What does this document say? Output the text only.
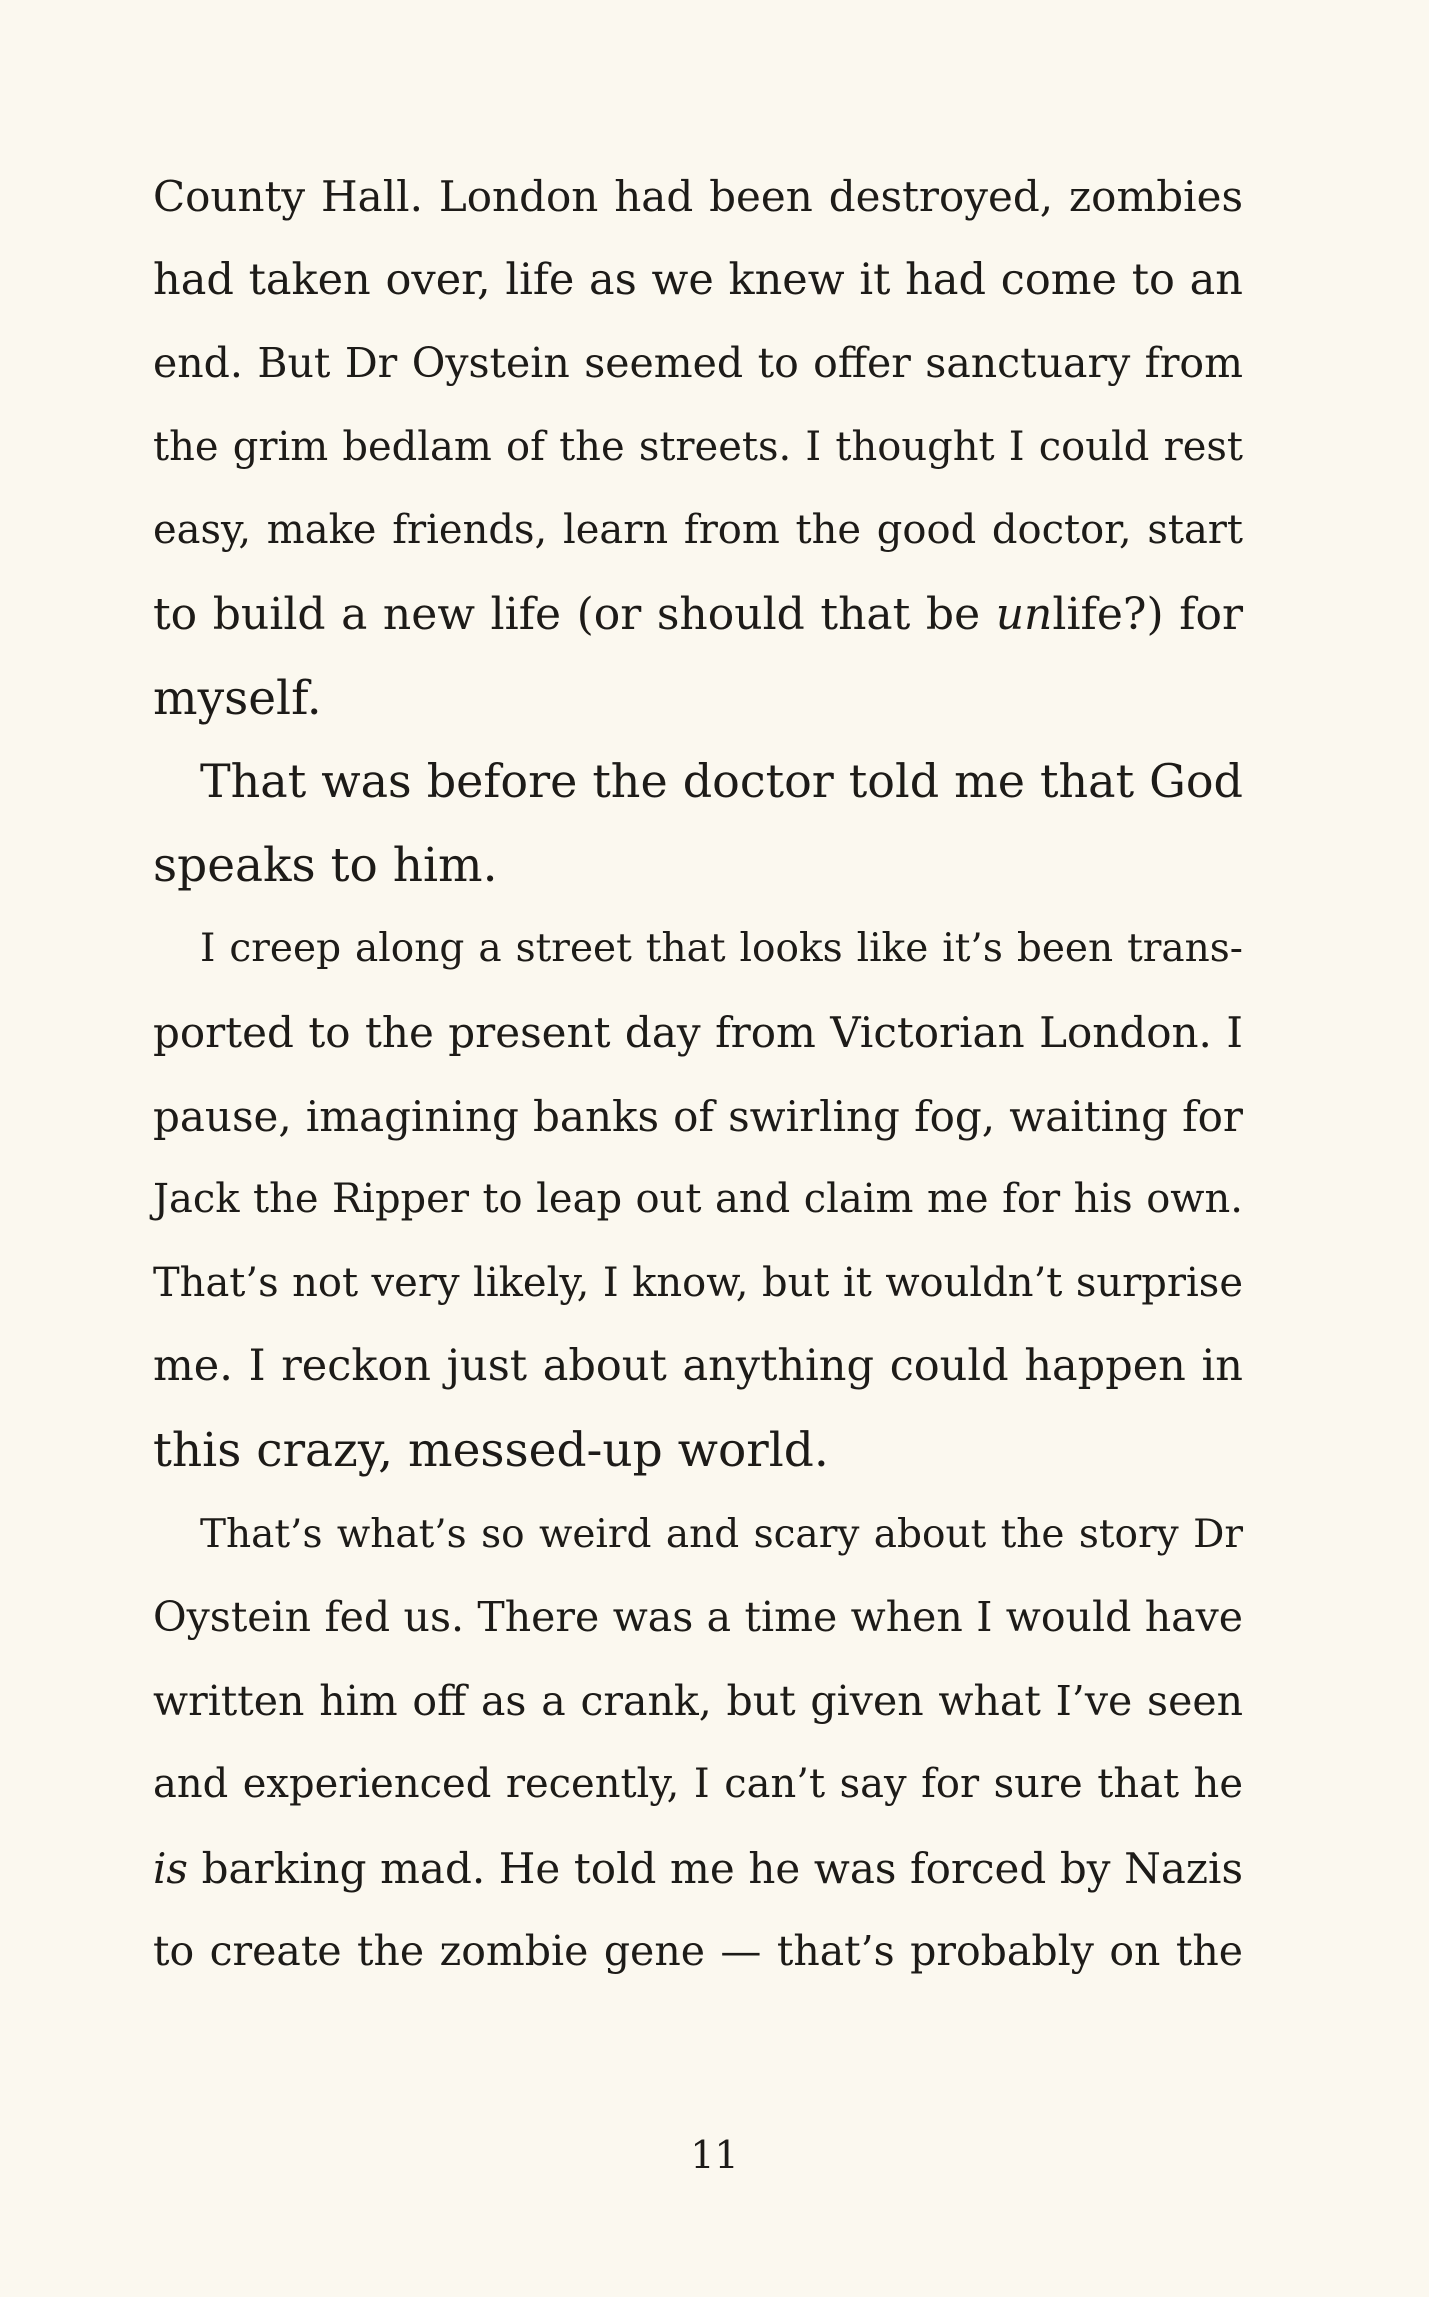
County Hall. London had been destroyed, zombies
had taken over, life as we knew it had come to an
end. But Dr Oystein seemed to offer sanctuary from
the grim bedlam of the streets. I thought I could rest
easy, make friends, learn from the good doctor, start
to build a new life (or should that be unlife?) for
myself.
That was before the doctor told me that God
speaks to him.
I creep along a street that looks like it’s been trans-
ported to the present day from Victorian London. I
pause, imagining banks of swirling fog, waiting for
Jack the Ripper to leap out and claim me for his own.
That’s not very likely, I know, but it wouldn’t surprise
me. I reckon just about anything could happen in
this crazy, messed-up world.
That’s what’s so weird and scary about the story Dr
Oystein fed us. There was a time when I would have
written him off as a crank, but given what I’ve seen
and experienced recently, I can’t say for sure that he
is barking mad. He told me he was forced by Nazis
to create the zombie gene — that’s probably on the
11
